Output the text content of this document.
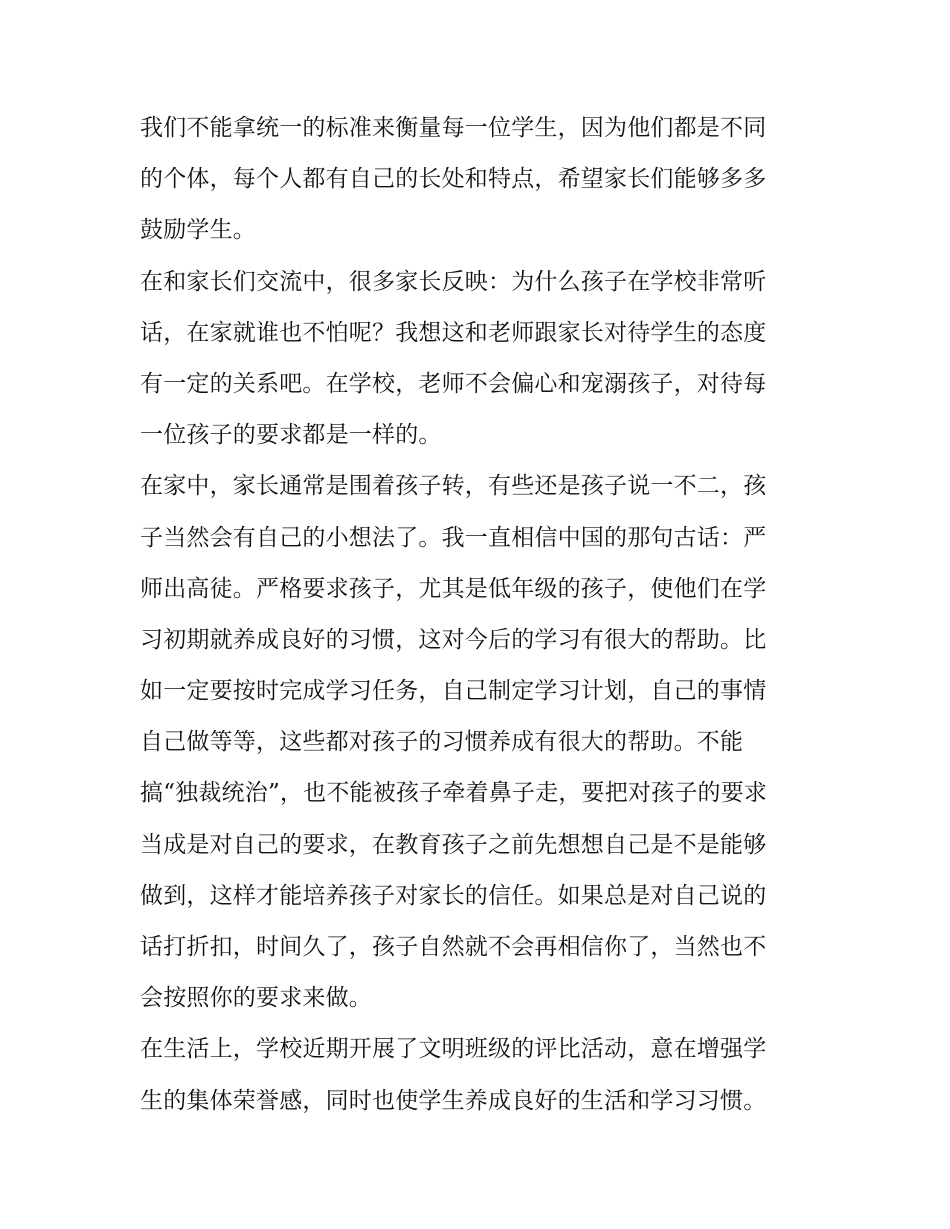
我们不能拿统一的标准来衡量每一位学生，因为他们都是不同
的个体，每个人都有自己的长处和特点，希望家长们能够多多
鼓励学生。
在和家长们交流中，很多家长反映：为什么孩子在学校非常听
话，在家就谁也不怕呢？我想这和老师跟家长对待学生的态度
有一定的关系吧。在学校，老师不会偏心和宠溺孩子，对待每
一位孩子的要求都是一样的。
在家中，家长通常是围着孩子转，有些还是孩子说一不二，孩
子当然会有自己的小想法了。我一直相信中国的那句古话：严
师出高徒。严格要求孩子，尤其是低年级的孩子，使他们在学
习初期就养成良好的习惯，这对今后的学习有很大的帮助。比
如一定要按时完成学习任务，自己制定学习计划，自己的事情
自己做等等，这些都对孩子的习惯养成有很大的帮助。不能
搞“独裁统治”，也不能被孩子牵着鼻子走，要把对孩子的要求
当成是对自己的要求，在教育孩子之前先想想自己是不是能够
做到，这样才能培养孩子对家长的信任。如果总是对自己说的
话打折扣，时间久了，孩子自然就不会再相信你了，当然也不
会按照你的要求来做。
在生活上，学校近期开展了文明班级的评比活动，意在增强学
生的集体荣誉感，同时也使学生养成良好的生活和学习习惯。
